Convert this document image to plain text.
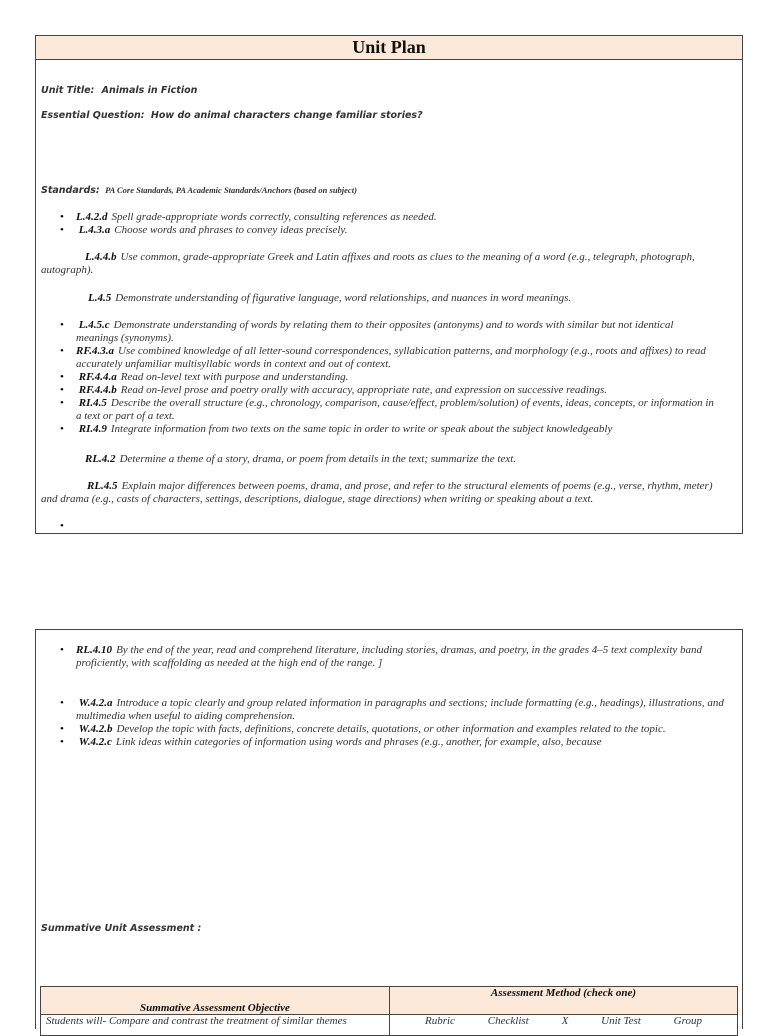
Unit Plan
Unit Title: Animals in Fiction
Essential Question: How do animal characters change familiar stories?
Standards: PA Core Standards, PA Academic Standards/Anchors (based on subject)
• L.4.2.d Spell grade-appropriate words correctly, consulting references as needed.
• L.4.3.a Choose words and phrases to convey ideas precisely.
L.4.4.b Use common, grade-appropriate Greek and Latin affixes and roots as clues to the meaning of a word (e.g., telegraph, photograph, autograph).
L.4.5 Demonstrate understanding of figurative language, word relationships, and nuances in word meanings.
• L.4.5.c Demonstrate understanding of words by relating them to their opposites (antonyms) and to words with similar but not identical meanings (synonyms).
• RF.4.3.a Use combined knowledge of all letter-sound correspondences, syllabication patterns, and morphology (e.g., roots and affixes) to read accurately unfamiliar multisyllabic words in context and out of context.
• RF.4.4.a Read on-level text with purpose and understanding.
• RF.4.4.b Read on-level prose and poetry orally with accuracy, appropriate rate, and expression on successive readings.
• RI.4.5 Describe the overall structure (e.g., chronology, comparison, cause/effect, problem/solution) of events, ideas, concepts, or information in a text or part of a text.
• RI.4.9 Integrate information from two texts on the same topic in order to write or speak about the subject knowledgeably
RL.4.2 Determine a theme of a story, drama, or poem from details in the text; summarize the text.
RL.4.5 Explain major differences between poems, drama, and prose, and refer to the structural elements of poems (e.g., verse, rhythm, meter) and drama (e.g., casts of characters, settings, descriptions, dialogue, stage directions) when writing or speaking about a text.
•
• RL.4.10 By the end of the year, read and comprehend literature, including stories, dramas, and poetry, in the grades 4–5 text complexity band proficiently, with scaffolding as needed at the high end of the range. ]
• W.4.2.a Introduce a topic clearly and group related information in paragraphs and sections; include formatting (e.g., headings), illustrations, and multimedia when useful to aiding comprehension.
• W.4.2.b Develop the topic with facts, definitions, concrete details, quotations, or other information and examples related to the topic.
• W.4.2.c Link ideas within categories of information using words and phrases (e.g., another, for example, also, because
Summative Unit Assessment :
Summative Assessment Objective	Assessment Method (check one)
Students will- Compare and contrast the treatment of similar themes	Rubric Checklist X Unit Test Group
